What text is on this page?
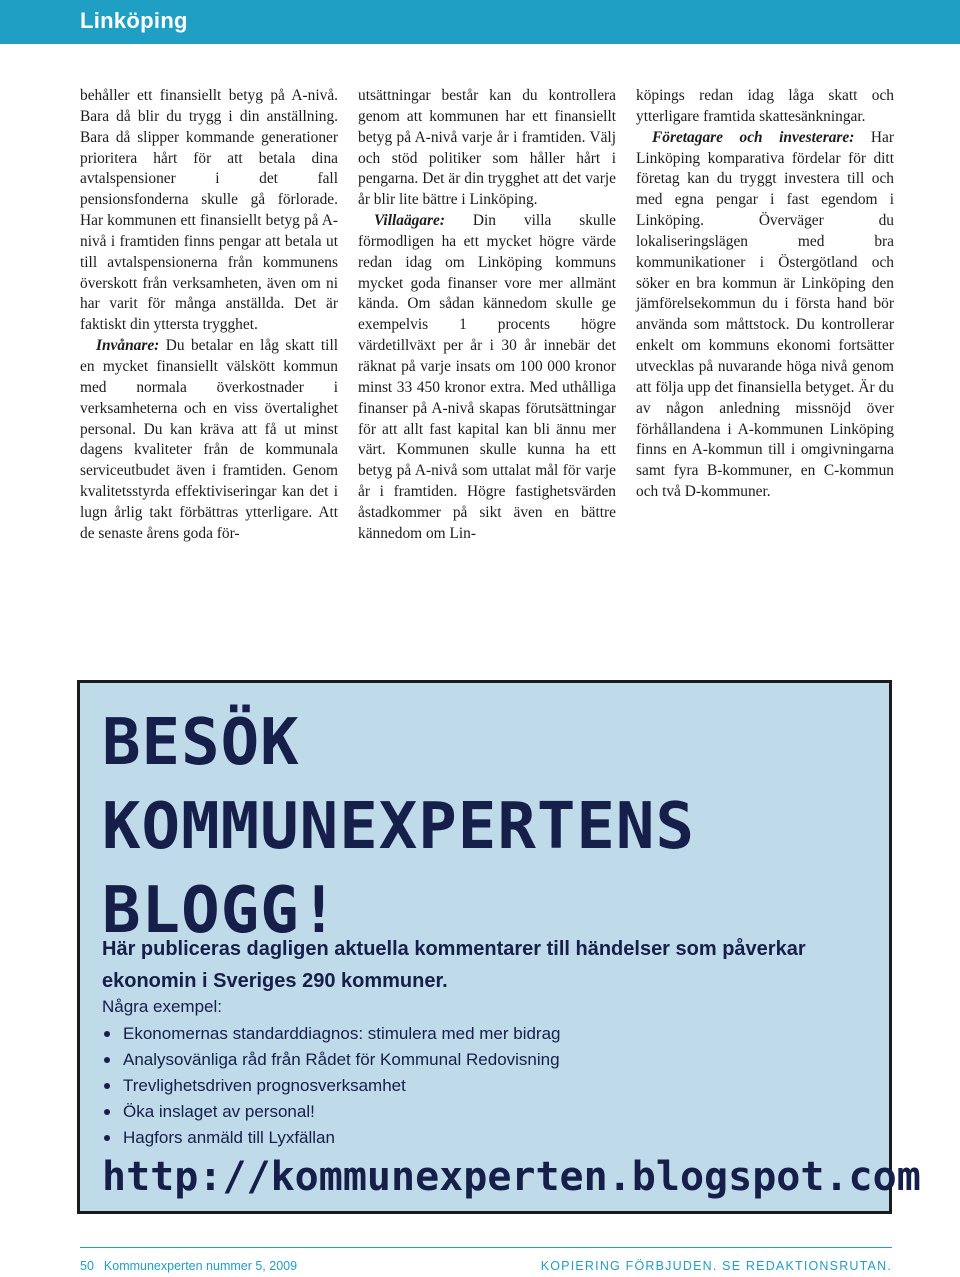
Linköping

behåller ett finansiellt betyg på A-nivå. Bara då blir du trygg i din anställning. Bara då slipper kommande generationer prioritera hårt för att betala dina avtalspensioner i det fall pensionsfonderna skulle gå förlorade. Har kommunen ett finansiellt betyg på A-nivå i framtiden finns pengar att betala ut till avtalspensionerna från kommunens överskott från verksamheten, även om ni har varit för många anställda. Det är faktiskt din yttersta trygghet.

Invånare: Du betalar en låg skatt till en mycket finansiellt välskött kommun med normala överkostnader i verksamheterna och en viss övertalighet personal. Du kan kräva att få ut minst dagens kvaliteter från de kommunala serviceutbudet även i framtiden. Genom kvalitetsstyrda effektiviseringar kan det i lugn årlig takt förbättras ytterligare. Att de senaste årens goda för-

utsättningar består kan du kontrollera genom att kommunen har ett finansiellt betyg på A-nivå varje år i framtiden. Välj och stöd politiker som håller hårt i pengarna. Det är din trygghet att det varje år blir lite bättre i Linköping.

Villaägare: Din villa skulle förmodligen ha ett mycket högre värde redan idag om Linköping kommuns mycket goda finanser vore mer allmänt kända. Om sådan kännedom skulle ge exempelvis 1 procents högre värdetillväxt per år i 30 år innebär det räknat på varje insats om 100 000 kronor minst 33 450 kronor extra. Med uthålliga finanser på A-nivå skapas förutsättningar för att allt fast kapital kan bli ännu mer värt. Kommunen skulle kunna ha ett betyg på A-nivå som uttalat mål för varje år i framtiden. Högre fastighetsvärden åstadkommer på sikt även en bättre kännedom om Lin-

köpings redan idag låga skatt och ytterligare framtida skattesänkningar.

Företagare och investerare: Har Linköping komparativa fördelar för ditt företag kan du tryggt investera till och med egna pengar i fast egendom i Linköping. Överväger du lokaliseringslägen med bra kommunikationer i Östergötland och söker en bra kommun är Linköping den jämförelsekommun du i första hand bör använda som måttstock. Du kontrollerar enkelt om kommuns ekonomi fortsätter utvecklas på nuvarande höga nivå genom att följa upp det finansiella betyget. Är du av någon anledning missnöjd över förhållandena i A-kommunen Linköping finns en A-kommun till i omgivningarna samt fyra B-kommuner, en C-kommun och två D-kommuner.

BESÖK
KOMMUNEXPERTENS
BLOGG!
Här publiceras dagligen aktuella kommentarer till händelser som påverkar ekonomin i Sveriges 290 kommuner.
Några exempel:
Ekonomernas standarddiagnos: stimulera med mer bidrag
Analysovänliga råd från Rådet för Kommunal Redovisning
Trevlighetsdriven prognosverksamhet
Öka inslaget av personal!
Hagfors anmäld till Lyxfällan
http://kommunexperten.blogspot.com
50 Kommunexperten nummer 5, 2009	KOPIERING FÖRBJUDEN. SE REDAKTIONSRUTAN.
